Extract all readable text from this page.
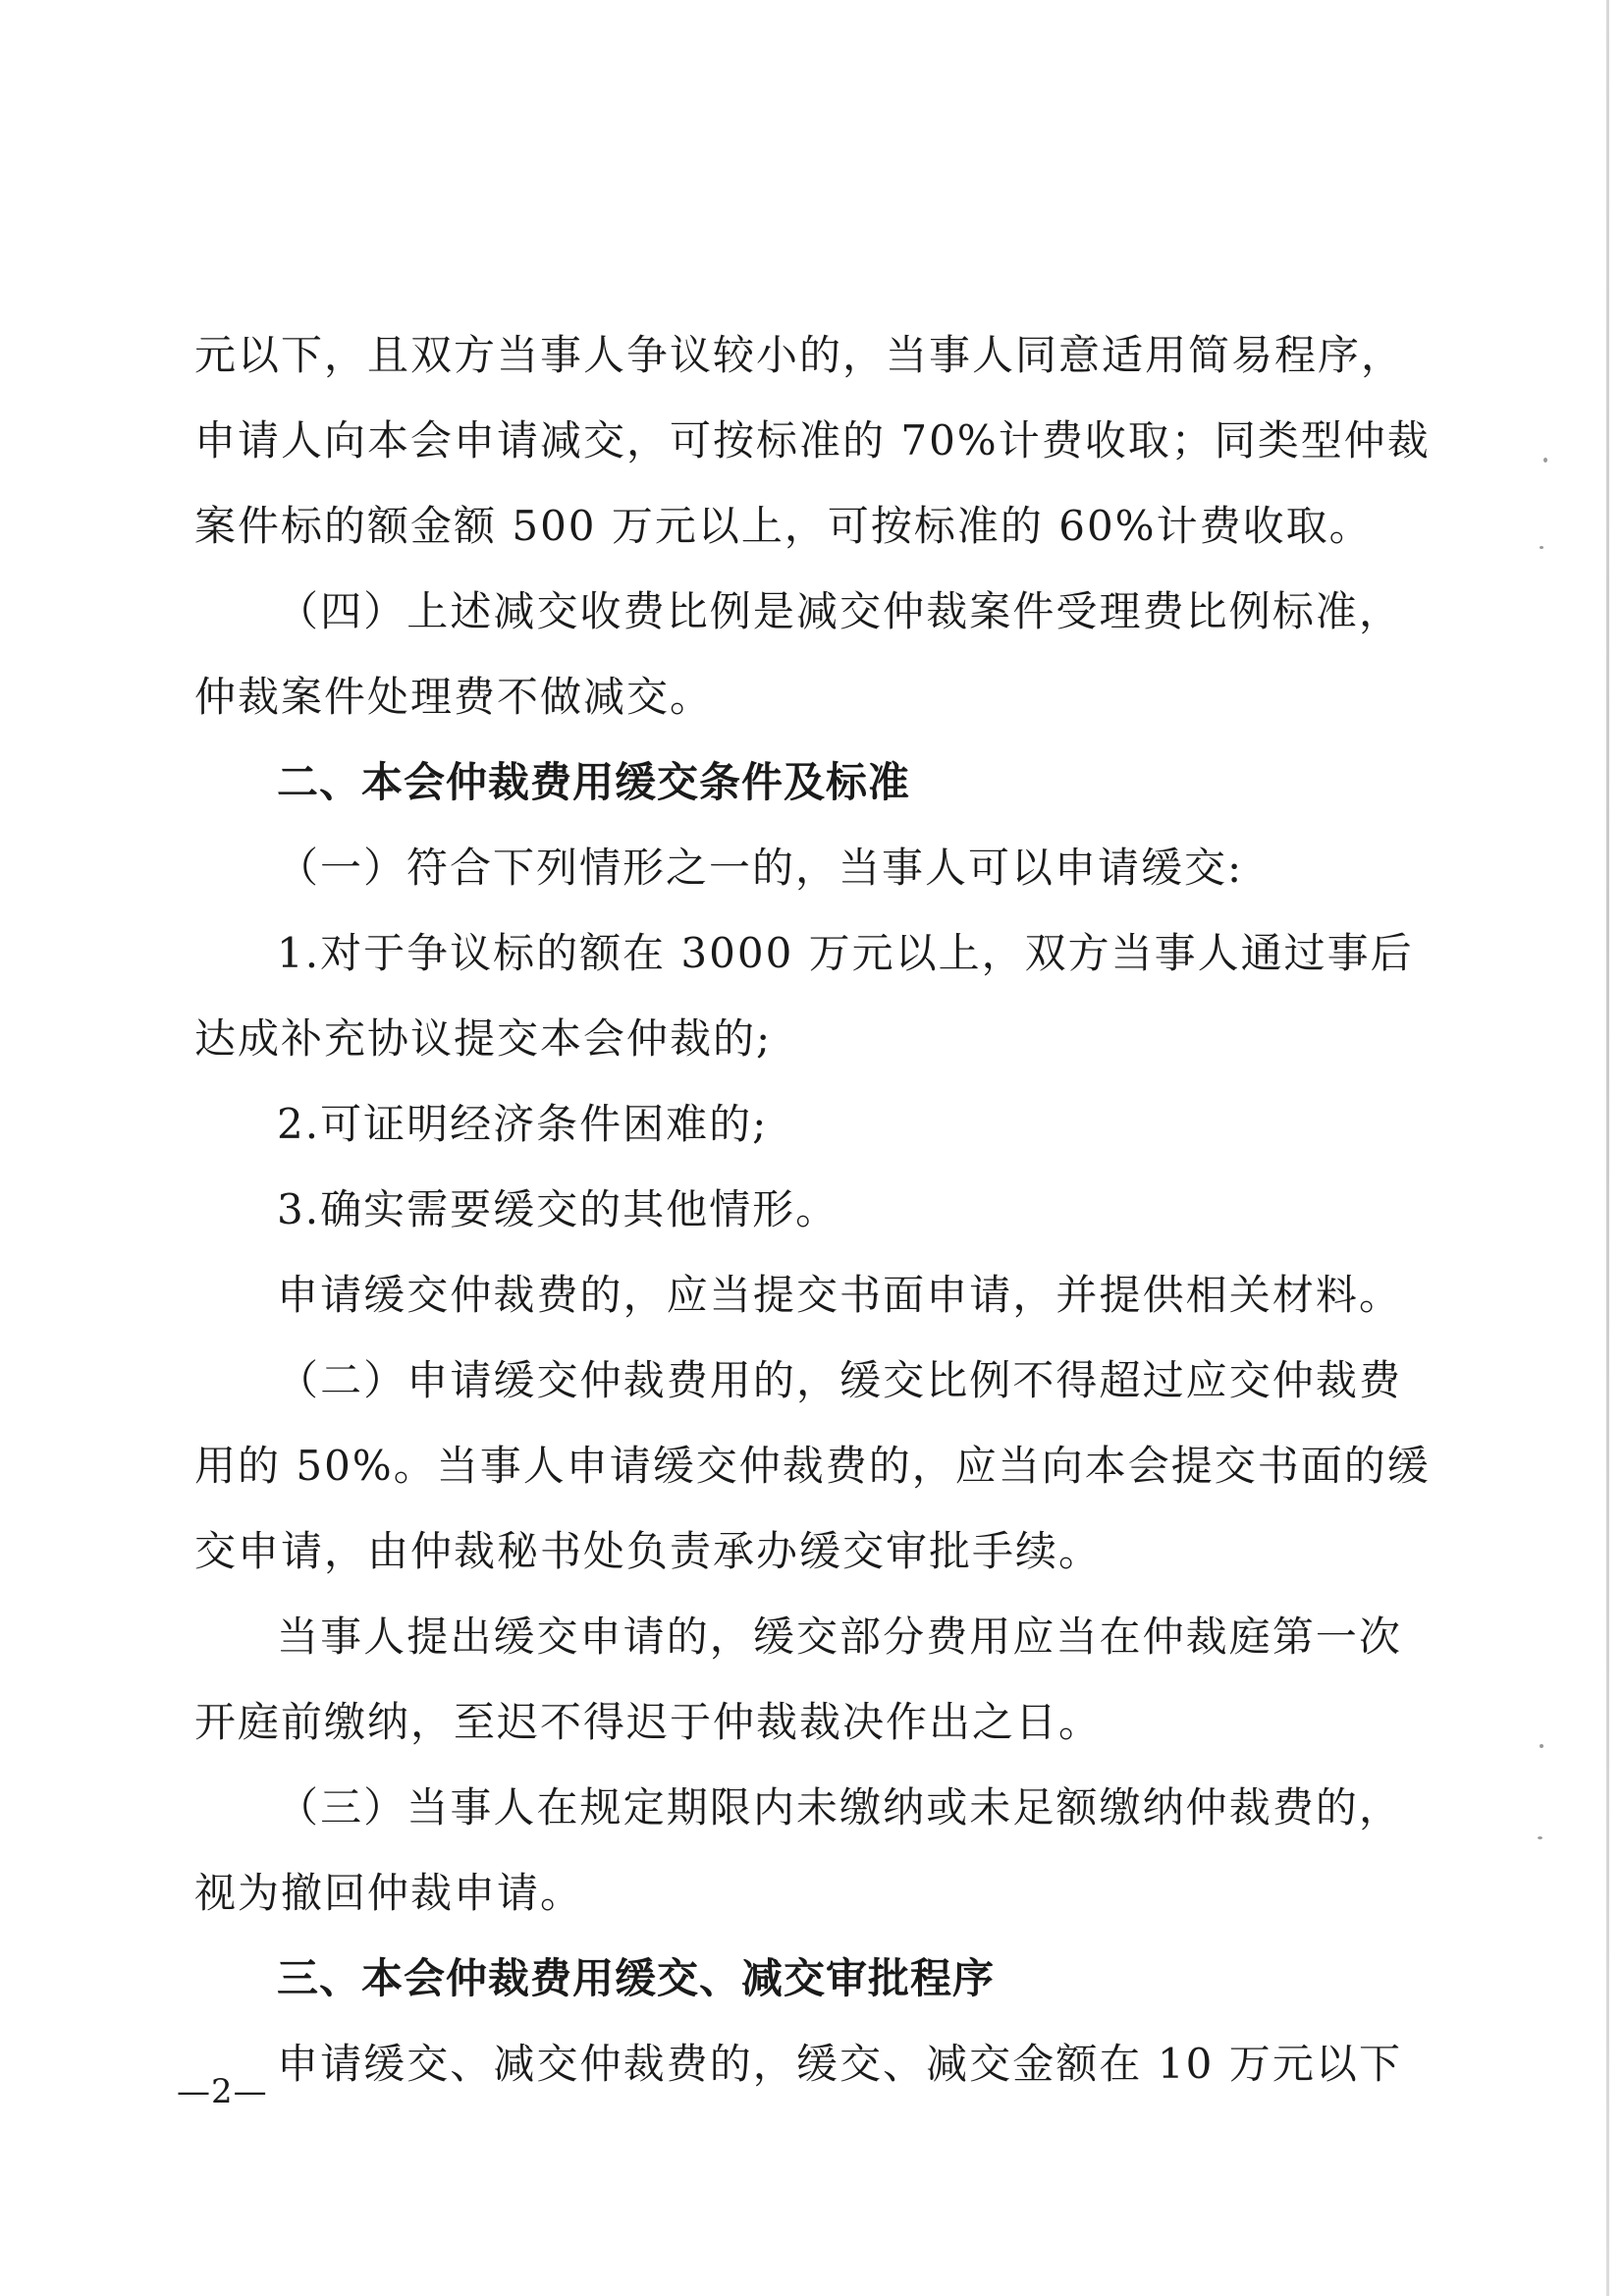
元以下，且双方当事人争议较小的，当事人同意适用简易程序，
申请人向本会申请减交，可按标准的 70%计费收取；同类型仲裁
案件标的额金额 500 万元以上，可按标准的 60%计费收取。
（四）上述减交收费比例是减交仲裁案件受理费比例标准，
仲裁案件处理费不做减交。
二、本会仲裁费用缓交条件及标准
（一）符合下列情形之一的，当事人可以申请缓交:
1.对于争议标的额在 3000 万元以上，双方当事人通过事后
达成补充协议提交本会仲裁的;
2.可证明经济条件困难的;
3.确实需要缓交的其他情形。
申请缓交仲裁费的，应当提交书面申请，并提供相关材料。
（二）申请缓交仲裁费用的，缓交比例不得超过应交仲裁费
用的 50%。当事人申请缓交仲裁费的，应当向本会提交书面的缓
交申请，由仲裁秘书处负责承办缓交审批手续。
当事人提出缓交申请的，缓交部分费用应当在仲裁庭第一次
开庭前缴纳，至迟不得迟于仲裁裁决作出之日。
（三）当事人在规定期限内未缴纳或未足额缴纳仲裁费的，
视为撤回仲裁申请。
三、本会仲裁费用缓交、减交审批程序
申请缓交、减交仲裁费的，缓交、减交金额在 10 万元以下
—2—
